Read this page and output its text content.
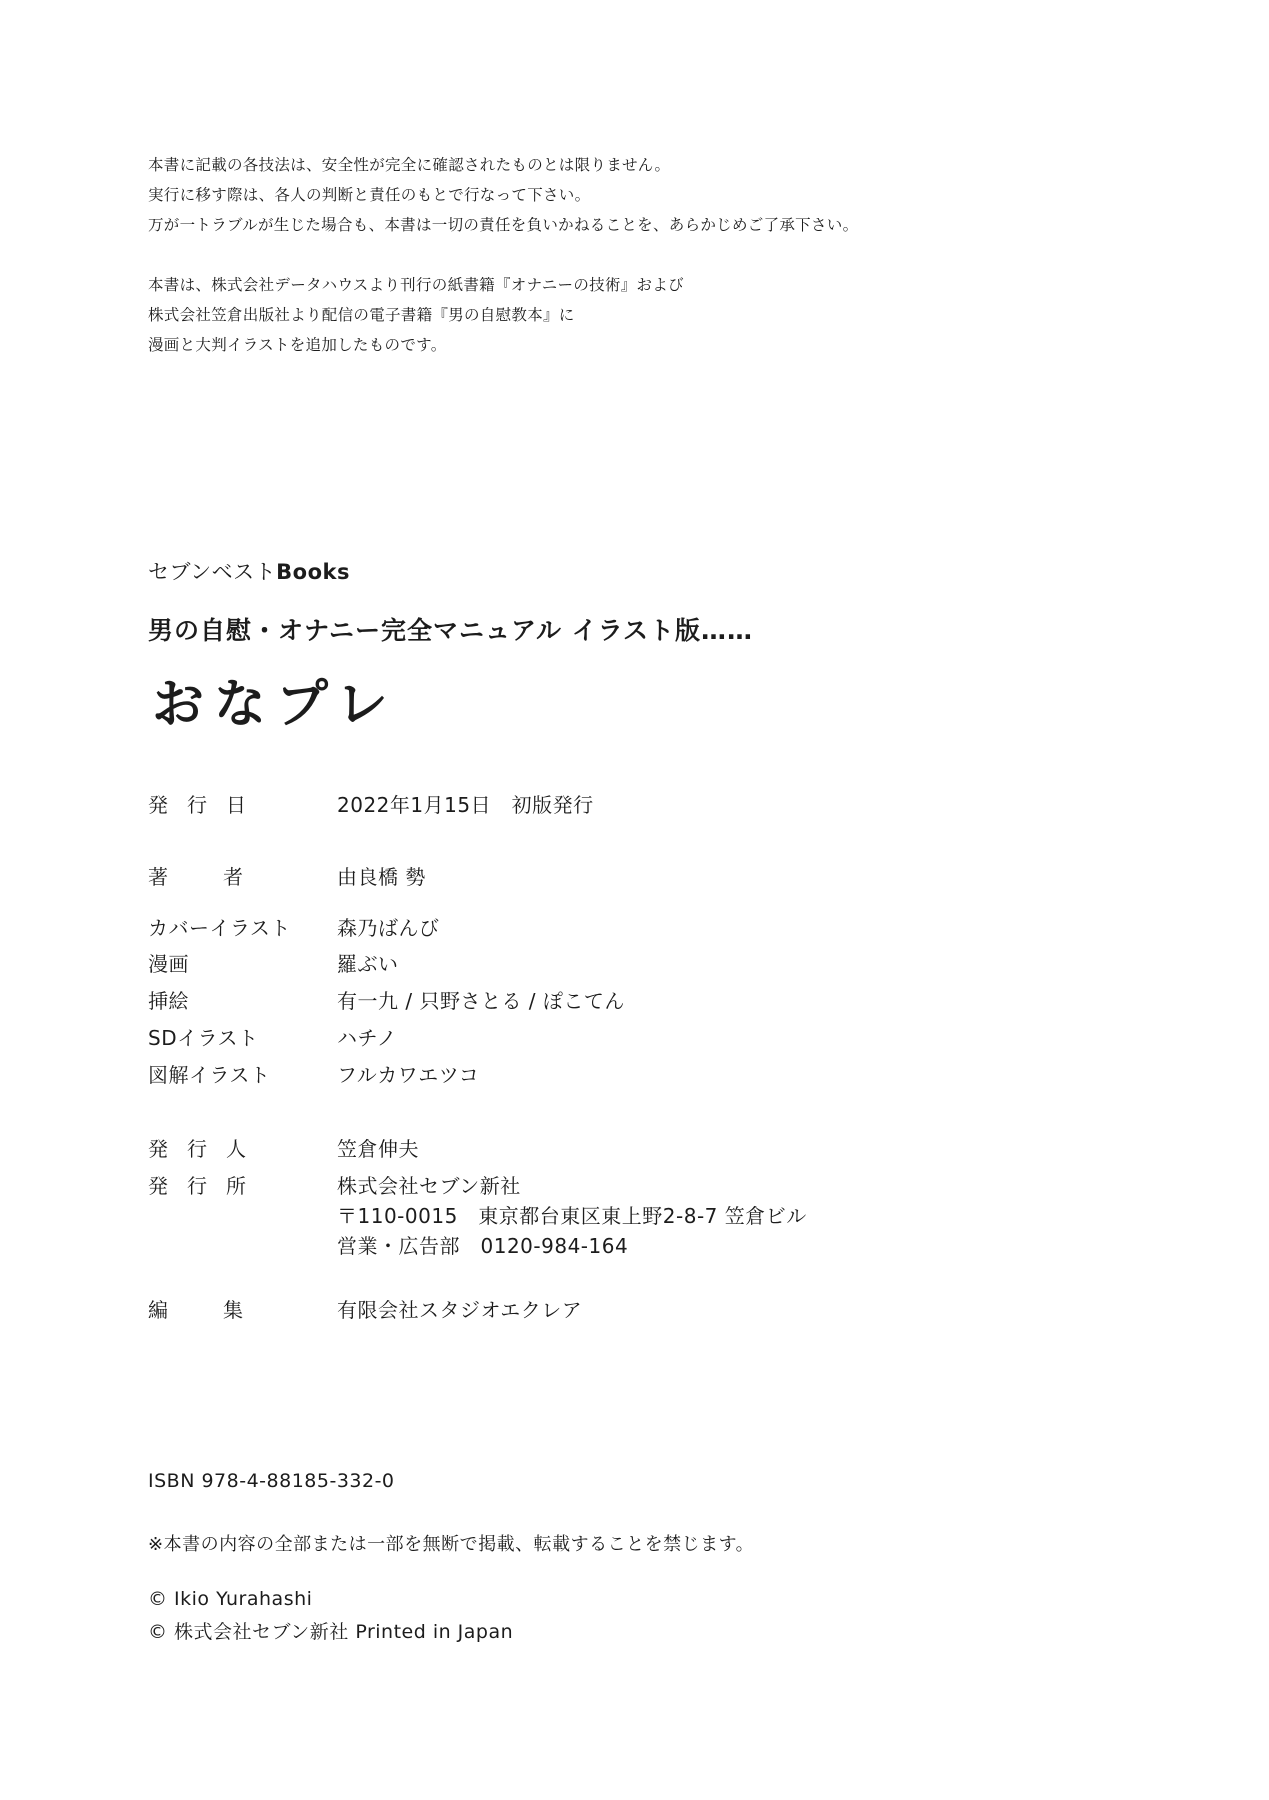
本書に記載の各技法は、安全性が完全に確認されたものとは限りません。
実行に移す際は、各人の判断と責任のもとで行なって下さい。
万が一トラブルが生じた場合も、本書は一切の責任を負いかねることを、あらかじめご了承下さい。
本書は、株式会社データハウスより刊行の紙書籍『オナニーの技術』および
株式会社笠倉出版社より配信の電子書籍『男の自慰教本』に
漫画と大判イラストを追加したものです。
セブンベストBooks
男の自慰・オナニー完全マニュアル イラスト版……
おなプレ
発行日	2022年1月15日　初版発行
著者 由良橋 勢
カバーイラスト 森乃ばんび
漫画	羅ぶい
挿絵	有一九 / 只野さとる / ぽこてん
SDイラスト	ハチノ
図解イラスト	フルカワエツコ
発行人	笠倉伸夫
発行所	株式会社セブン新社
〒110-0015　東京都台東区東上野2-8-7 笠倉ビル
営業・広告部　0120-984-164
編集 有限会社スタジオエクレア
ISBN 978-4-88185-332-0
※本書の内容の全部または一部を無断で掲載、転載することを禁じます。
© Ikio Yurahashi
© 株式会社セブン新社 Printed in Japan
